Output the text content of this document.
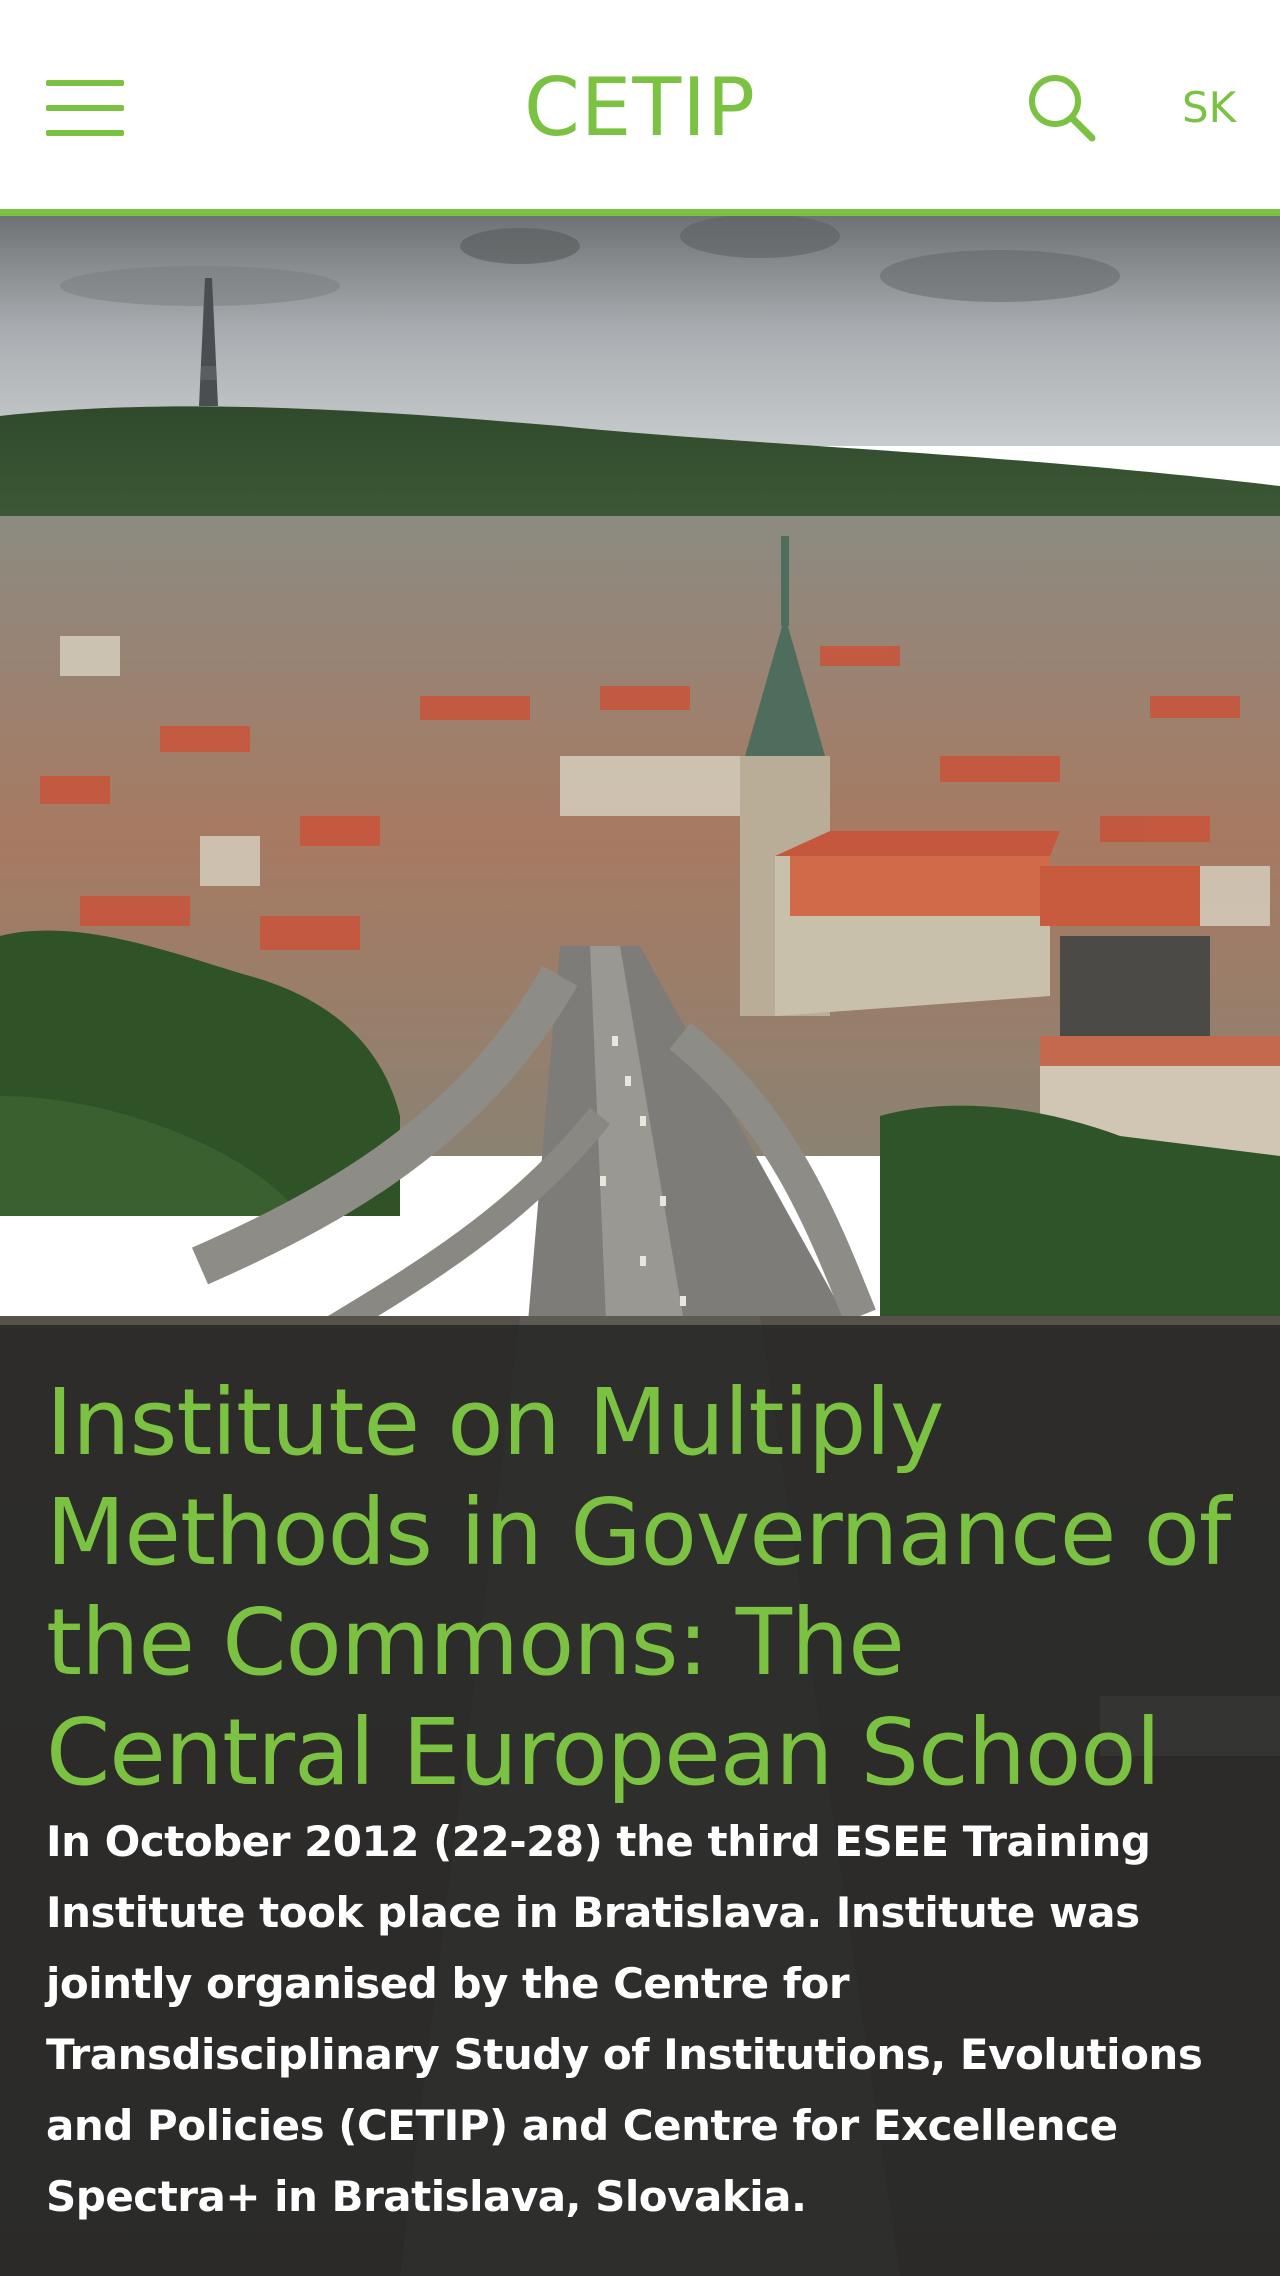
CETIP	SK
Institute on Multiply Methods in Governance of the Commons: The Central European School

In October 2012 (22-28) the third ESEE Training Institute took place in Bratislava. Institute was jointly organised by the Centre for Transdisciplinary Study of Institutions, Evolutions and Policies (CETIP) and Centre for Excellence Spectra+ in Bratislava, Slovakia.
